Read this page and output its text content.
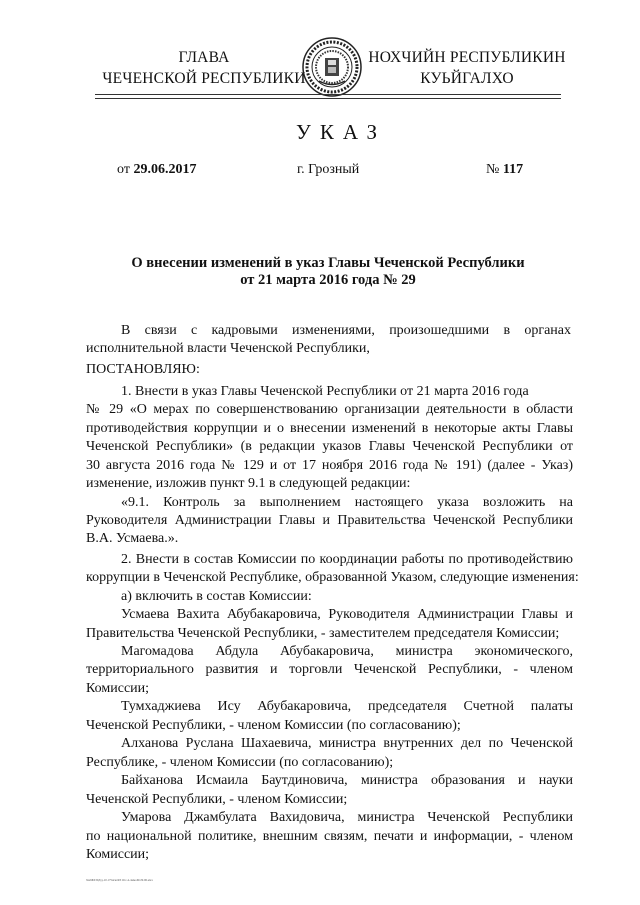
ГЛАВА
ЧЕЧЕНСКОЙ РЕСПУБЛИКИ
НОХЧИЙН РЕСПУБЛИКИН
КУЬЙГАЛХО
УКАЗ
от 29.06.2017	г. Грозный	№ 117
О внесении изменений в указ Главы Чеченской Республики
от 21 марта 2016 года № 29
В связи с кадровыми изменениями, произошедшими в органах
исполнительной власти Чеченской Республики,
ПОСТАНОВЛЯЮ:
1. Внести в указ Главы Чеченской Республики от 21 марта 2016 года
№ 29 «О мерах по совершенствованию организации деятельности в области
противодействия коррупции и о внесении изменений в некоторые акты Главы
Чеченской Республики» (в редакции указов Главы Чеченской Республики от
30 августа 2016 года № 129 и от 17 ноября 2016 года № 191) (далее - Указ)
изменение, изложив пункт 9.1 в следующей редакции:
«9.1. Контроль за выполнением настоящего указа возложить на
Руководителя Администрации Главы и Правительства Чеченской Республики
В.А. Усмаева.».
2. Внести в состав Комиссии по координации работы по противодействию
коррупции в Чеченской Республике, образованной Указом, следующие изменения:
а) включить в состав Комиссии:
Усмаева Вахита Абубакаровича, Руководителя Администрации Главы и
Правительства Чеченской Республики, - заместителем председателя Комиссии;
Магомадова Абдула Абубакаровича, министра экономического,
территориального развития и торговли Чеченской Республики, - членом
Комиссии;
Тумхаджиева Ису Абубакаровича, председателя Счетной палаты
Чеченской Республики, - членом Комиссии (по согласованию);
Алханова Руслана Шахаевича, министра внутренних дел по Чеченской
Республике, - членом Комиссии (по согласованию);
Байханова Исмаила Баутдиновича, министра образования и науки
Чеченской Республики, - членом Комиссии;
Умарова Джамбулата Вахидовича, министра Чеченской Республики
по национальной политике, внешним связям, печати и информации, - членом
Комиссии;
Хм6БХ30Д/д-10.175нгюФЗ Огс-4-лммоМ/29.06.мчч
